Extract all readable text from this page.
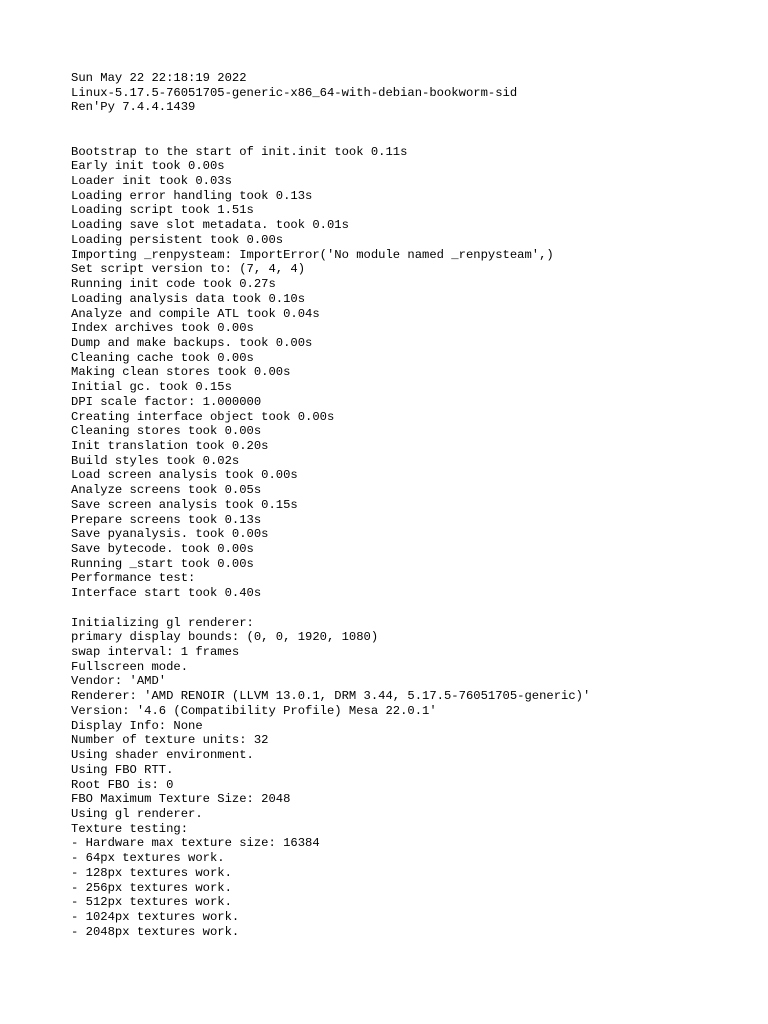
Sun May 22 22:18:19 2022
Linux-5.17.5-76051705-generic-x86_64-with-debian-bookworm-sid
Ren'Py 7.4.4.1439
Bootstrap to the start of init.init took 0.11s
Early init took 0.00s
Loader init took 0.03s
Loading error handling took 0.13s
Loading script took 1.51s
Loading save slot metadata. took 0.01s
Loading persistent took 0.00s
Importing _renpysteam: ImportError('No module named _renpysteam',)
Set script version to: (7, 4, 4)
Running init code took 0.27s
Loading analysis data took 0.10s
Analyze and compile ATL took 0.04s
Index archives took 0.00s
Dump and make backups. took 0.00s
Cleaning cache took 0.00s
Making clean stores took 0.00s
Initial gc. took 0.15s
DPI scale factor: 1.000000
Creating interface object took 0.00s
Cleaning stores took 0.00s
Init translation took 0.20s
Build styles took 0.02s
Load screen analysis took 0.00s
Analyze screens took 0.05s
Save screen analysis took 0.15s
Prepare screens took 0.13s
Save pyanalysis. took 0.00s
Save bytecode. took 0.00s
Running _start took 0.00s
Performance test:
Interface start took 0.40s
Initializing gl renderer:
primary display bounds: (0, 0, 1920, 1080)
swap interval: 1 frames
Fullscreen mode.
Vendor: 'AMD'
Renderer: 'AMD RENOIR (LLVM 13.0.1, DRM 3.44, 5.17.5-76051705-generic)'
Version: '4.6 (Compatibility Profile) Mesa 22.0.1'
Display Info: None
Number of texture units: 32
Using shader environment.
Using FBO RTT.
Root FBO is: 0
FBO Maximum Texture Size: 2048
Using gl renderer.
Texture testing:
- Hardware max texture size: 16384
- 64px textures work.
- 128px textures work.
- 256px textures work.
- 512px textures work.
- 1024px textures work.
- 2048px textures work.
